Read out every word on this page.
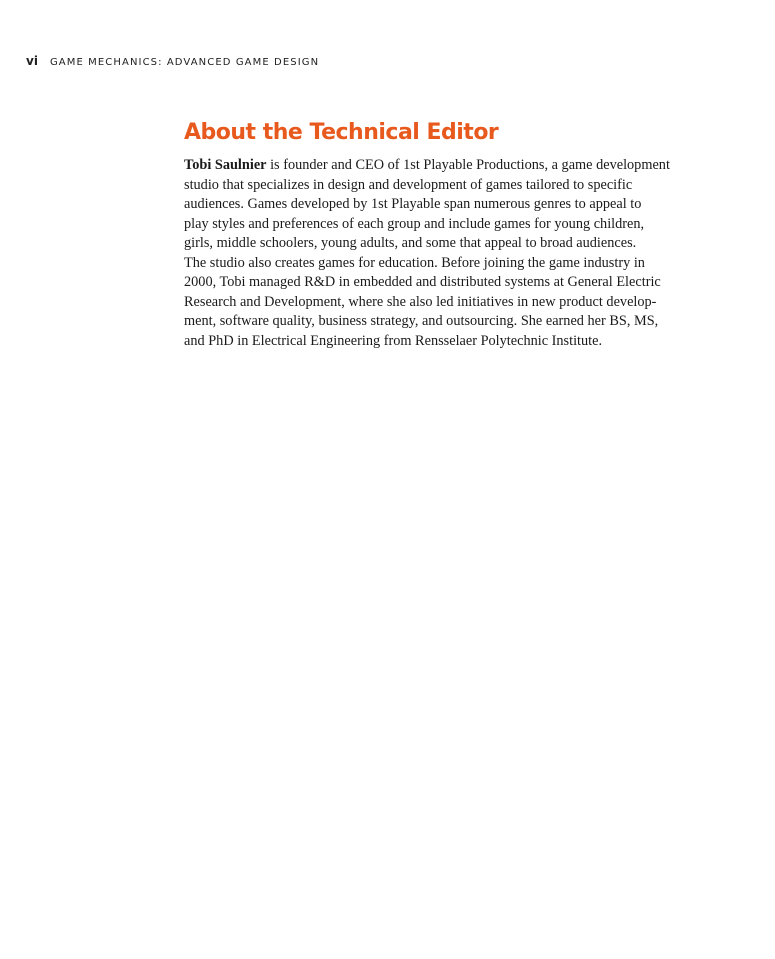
vi GAME MECHANICS: ADVANCED GAME DESIGN
About the Technical Editor

Tobi Saulnier is founder and CEO of 1st Playable Productions, a game development
studio that specializes in design and development of games tailored to specific
audiences. Games developed by 1st Playable span numerous genres to appeal to
play styles and preferences of each group and include games for young children,
girls, middle schoolers, young adults, and some that appeal to broad audiences.
The studio also creates games for education. Before joining the game industry in
2000, Tobi managed R&D in embedded and distributed systems at General Electric
Research and Development, where she also led initiatives in new product develop-
ment, software quality, business strategy, and outsourcing. She earned her BS, MS,
and PhD in Electrical Engineering from Rensselaer Polytechnic Institute.
